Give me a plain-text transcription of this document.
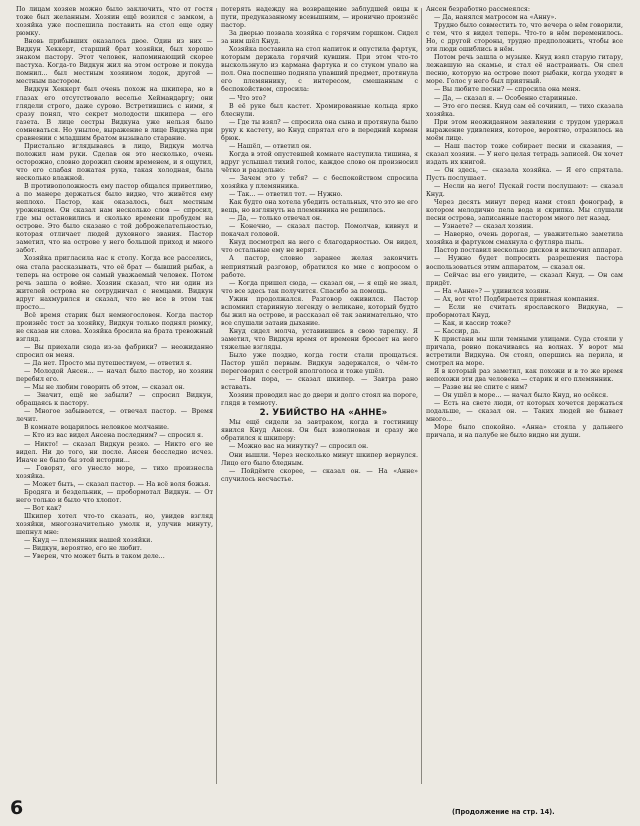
По лицам хозяев можно было заключить, что от гостя тоже был желанным. Хозяин ещё возился с замком, а хозяйка уже поспешила поставить на стол еще одну рюмку.

Вновь прибывших оказалось двое. Один из них — Видкун Хеккерт, старший брат хозяйки, был хорошо знаком пастору. Этот человек, напоминающий скорее пастуха. Когда-то Видкун жил на этом острове и покуда помнил... был местным хозяином лодок, другой — местным пастором.

Видкун Хеккерт был очень похож на шкипера, но в глазах его отсутствовало веселье Хеймандаргу; они глядели строго, даже сурово. Встретившись с ними, я сразу понял, что секрет молодости шкипера — его газета. В лице сестры Видкуна уже нельзя было сомневаться. Но унылое, выражение в лице Видкуна при сравнении с младшим братом вызывало старание.

Пристально вглядываясь в лицо, Видкун молча положил нам руки. Сделав он это несколько, очень осторожно, словно дорожил своим временем, и я ощутил, что его слабая пожатая рука, такая холодная, была несколько влажной.

В противоположность ему пастор общался приветливо, а по манере держаться было видно, что живётся ему неплохо. Пастор, как оказалось, был местным уроженцем. Он сказал нам несколько слов — спросил, где мы остановились и сколько времени пробудем на острове. Это было сказано с той доброжелательностью, которая отличает людей духовного звания. Пастор заметил, что на острове у него большой приход и много забот.

Хозяйка пригласила нас к столу. Когда все расселись, она стала рассказывать, что её брат — бывший рыбак, а теперь на острове он самый уважаемый человек. Потом речь зашла о войне. Хозяин сказал, что ни один из жителей острова не сотрудничал с немцами. Видкун вдруг нахмурился и сказал, что не все в этом так просто...

Всё время старик был немногословен. Когда пастор произнёс тост за хозяйку, Видкун только поднял рюмку, не сказав ни слова. Хозяйка бросила на брата тревожный взгляд.

— Вы приехали сюда из-за фабрики? — неожиданно спросил он меня.

— Да нет. Просто мы путешествуем, — ответил я.

— Молодой Ансен... — начал было пастор, но хозяин перебил его.

— Мы не любим говорить об этом, — сказал он.

— Значит, ещё не забыли? — спросил Видкун, обращаясь к пастору.

— Многое забывается, — отвечал пастор. — Время лечит.

В комнате воцарилось неловкое молчание.

— Кто из вас видел Ансена последним? — спросил я.

— Никто! — сказал Видкун резко. — Никто его не видел. Ни до того, ни после. Ансен бесследно исчез. Иначе не было бы этой истории...

— Говорят, его унесло море, — тихо произнесла хозяйка.

— Может быть, — сказал пастор. — На всё воля божья.

Бродяга и бездельник, — пробормотал Видкун. — От него только и было что хлопот.

— Вот как?

Шкипер хотел что-то сказать, но, увидев взгляд хозяйки, многозначительно умолк и, улучив минуту, шепнул мне:

— Кнуд — племянник нашей хозяйки.

— Видкун, вероятно, его не любит.

— Уверен, что может быть в таком деле...

потерять надежду на возвращение заблудшей овцы к пути, предуказанному всевышним, — иронично произнёс пастор.

За дверью позвала хозяйка с горячим горшком. Сидел за ним шёл Кнуд.

Хозяйка поставила на стол напиток и опустила фартук, которым держала горячий кувшин. При этом что-то выскользнуло из кармана фартука и со стуком упало на пол. Она поспешно подняла упавший предмет, протянула его племяннику, с интересом, смешанным с беспокойством, спросила:

— Что это?

В её руке был кастет. Хромированные кольца ярко блеснули.

— Где ты взял? — спросила она сына и протянула было руку к кастету, но Кнуд спрятал его в передний карман брюк.

— Нашёл, — ответил он.

Когда в этой опустевшей комнате наступила тишина, я вдруг услышал тихий голос, каждое слово он произносил чётко и раздельно:

— Зачем это у тебя? — с беспокойством спросила хозяйка у племянника.

— Так... — ответил тот. — Нужно.

Как будто она хотела убедить остальных, что это не его вещь, но взглянуть на племянника не решилась.

— Да, — только отвечал он.

— Конечно, — сказал пастор. Помолчав, кивнул и покачал головой.

Кнуд посмотрел на него с благодарностью. Он видел, что остальные ему не верят.

А пастор, словно заранее желая закончить неприятный разговор, обратился ко мне с вопросом о работе.

— Когда пришел сюда, — сказал он, — я ещё не знал, что все здесь так получится. Спасибо за помощь.

Ужин продолжался. Разговор оживился. Пастор вспомнил старинную легенду о великане, который будто бы жил на острове, и рассказал её так занимательно, что все слушали затаив дыхание.

Кнуд сидел молча, уставившись в свою тарелку. Я заметил, что Видкун время от времени бросает на него тяжелые взгляды.

Было уже поздно, когда гости стали прощаться. Пастор ушёл первым. Видкун задержался, о чём-то переговорил с сестрой вполголоса и тоже ушёл.

— Нам пора, — сказал шкипер. — Завтра рано вставать.

Хозяин проводил нас до двери и долго стоял на пороге, глядя в темноту.

2. УБИЙСТВО НА «АННЕ»

Мы ещё сидели за завтраком, когда в гостиницу явился Кнуд Ансен. Он был взволнован и сразу же обратился к шкиперу:

— Можно вас на минутку? — спросил он.

Они вышли. Через несколько минут шкипер вернулся. Лицо его было бледным.

— Пойдёмте скорее, — сказал он. — На «Анне» случилось несчастье.

Ансен безработно рассмеялся:

— Да, нанялся матросом на «Анну».

Трудно было совместить то, что вечера о нём говорили, с тем, что я видел теперь. Что-то в нём переменилось. Но, с другой стороны, трудно предположить, чтобы все эти люди ошиблись в нём.

Потом речь зашла о музыке. Кнуд взял старую гитару, лежавшую на скамье, и стал её настраивать. Он спел песню, которую на острове поют рыбаки, когда уходят в море. Голос у него был приятный.

— Вы любите песни? — спросила она меня.

— Да, — сказал я. — Особенно старинные.

— Это его песня. Кнуд сам её сочинил, — тихо сказала хозяйка.

При этом неожиданном заявлении с трудом удержал выражение удивления, которое, вероятно, отразилось на моём лице.

— Наш пастор тоже собирает песни и сказания, — сказал хозяин. — У него целая тетрадь записей. Он хочет издать их книгой.

— Он здесь, — сказала хозяйка. — Я его спрятала. Пусть послушает.

— Несли на него! Пускай гости послушают: — сказал Кнуд.

Через десять минут перед нами стоял фонограф, в котором мелодично пела вода и скрипка. Мы слушали песни острова, записанные пастором много лет назад.

— Узнаете? — сказал хозяин.

— Наверно, очень дорогая, — уважительно заметила хозяйка и фартуком смахнула с футляра пыль.

Пастор поставил несколько дисков и включил аппарат.

— Нужно будет попросить разрешения пастора воспользоваться этим аппаратом, — сказал он.

— Сейчас вы его увидите, — сказал Кнуд. — Он сам придёт.

— На «Анне»? — удивился хозяин.

— Ах, вот что! Подбирается приятная компания.

— Если не считать ярославского Видкуна, — пробормотал Кнуд.

— Как, и кассир тоже?

— Кассир, да.

К пристани мы шли темными улицами. Суда стояли у причала, ровно покачиваясь на волнах. У ворот мы встретили Видкуна. Он стоял, опершись на перила, и смотрел на море.

Я в который раз заметил, как похожи и в то же время непохожи эти два человека — старик и его племянник.

— Разве вы не спите с ним?

— Он ушёл в море... — начал было Кнуд, но осёкся.

— Есть на свете люди, от которых хочется держаться подальше, — сказал он. — Таких людей не бывает много...

Море было спокойно. «Анна» стояла у дальнего причала, и на палубе не было видно ни души.

6	(Продолжение на стр. 14).
